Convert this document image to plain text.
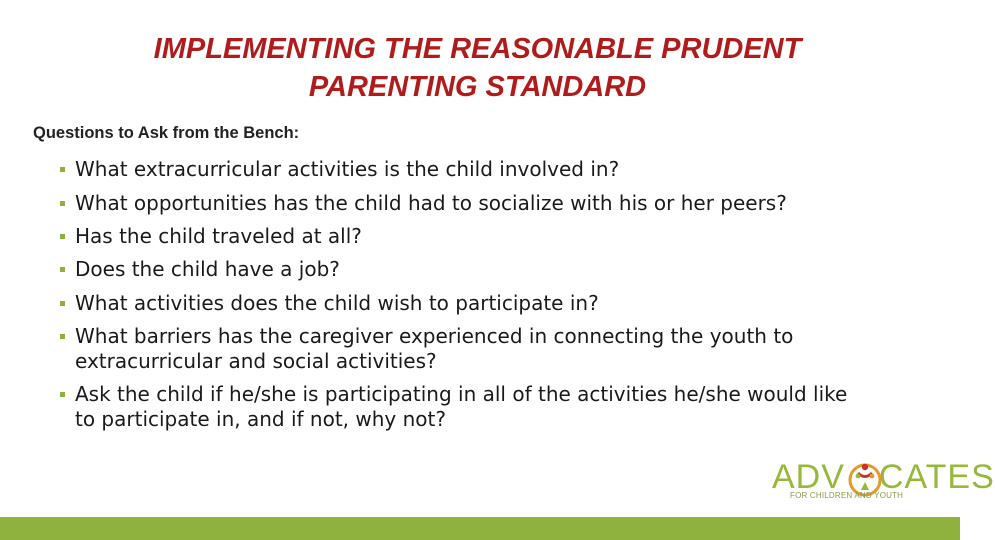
IMPLEMENTING THE REASONABLE PRUDENT
PARENTING STANDARD
Questions to Ask from the Bench:
What extracurricular activities is the child involved in?
What opportunities has the child had to socialize with his or her peers?
Has the child traveled at all?
Does the child have a job?
What activities does the child wish to participate in?
What barriers has the caregiver experienced in connecting the youth to extracurricular and social activities?
Ask the child if he/she is participating in all of the activities he/she would like to participate in, and if not, why not?
ADV CATES
FOR CHILDREN AND YOUTH
